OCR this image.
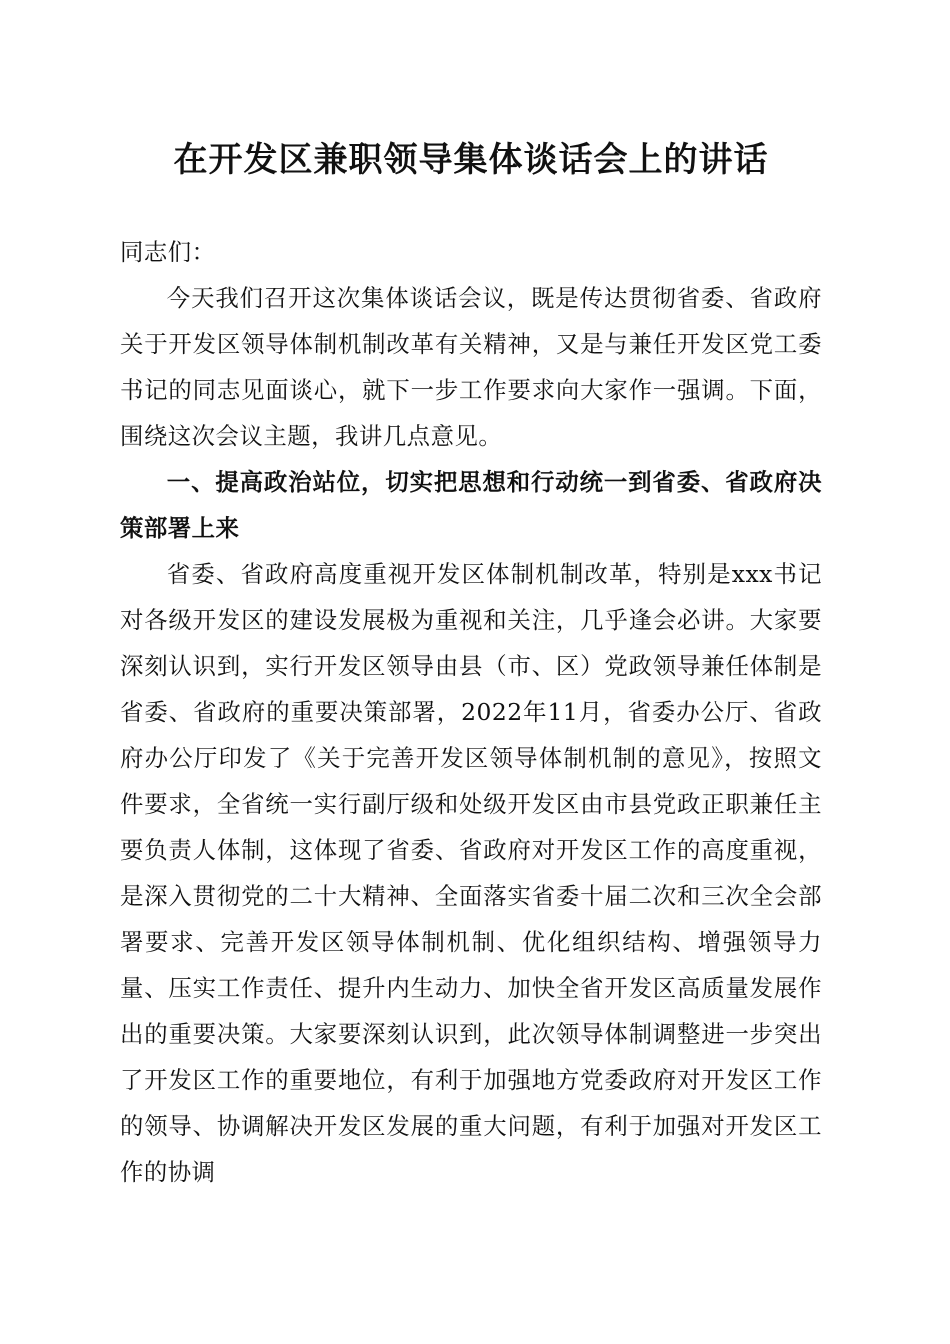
在开发区兼职领导集体谈话会上的讲话

同志们：

今天我们召开这次集体谈话会议，既是传达贯彻省委、省政府关于开发区领导体制机制改革有关精神，又是与兼任开发区党工委书记的同志见面谈心，就下一步工作要求向大家作一强调。下面，围绕这次会议主题，我讲几点意见。

一、提高政治站位，切实把思想和行动统一到省委、省政府决策部署上来

省委、省政府高度重视开发区体制机制改革，特别是xxx书记对各级开发区的建设发展极为重视和关注，几乎逢会必讲。大家要深刻认识到，实行开发区领导由县（市、区）党政领导兼任体制是省委、省政府的重要决策部署，2022年11月，省委办公厅、省政府办公厅印发了《关于完善开发区领导体制机制的意见》，按照文件要求，全省统一实行副厅级和处级开发区由市县党政正职兼任主要负责人体制，这体现了省委、省政府对开发区工作的高度重视，是深入贯彻党的二十大精神、全面落实省委十届二次和三次全会部署要求、完善开发区领导体制机制、优化组织结构、增强领导力量、压实工作责任、提升内生动力、加快全省开发区高质量发展作出的重要决策。大家要深刻认识到，此次领导体制调整进一步突出了开发区工作的重要地位，有利于加强地方党委政府对开发区工作的领导、协调解决开发区发展的重大问题，有利于加强对开发区工作的协调
